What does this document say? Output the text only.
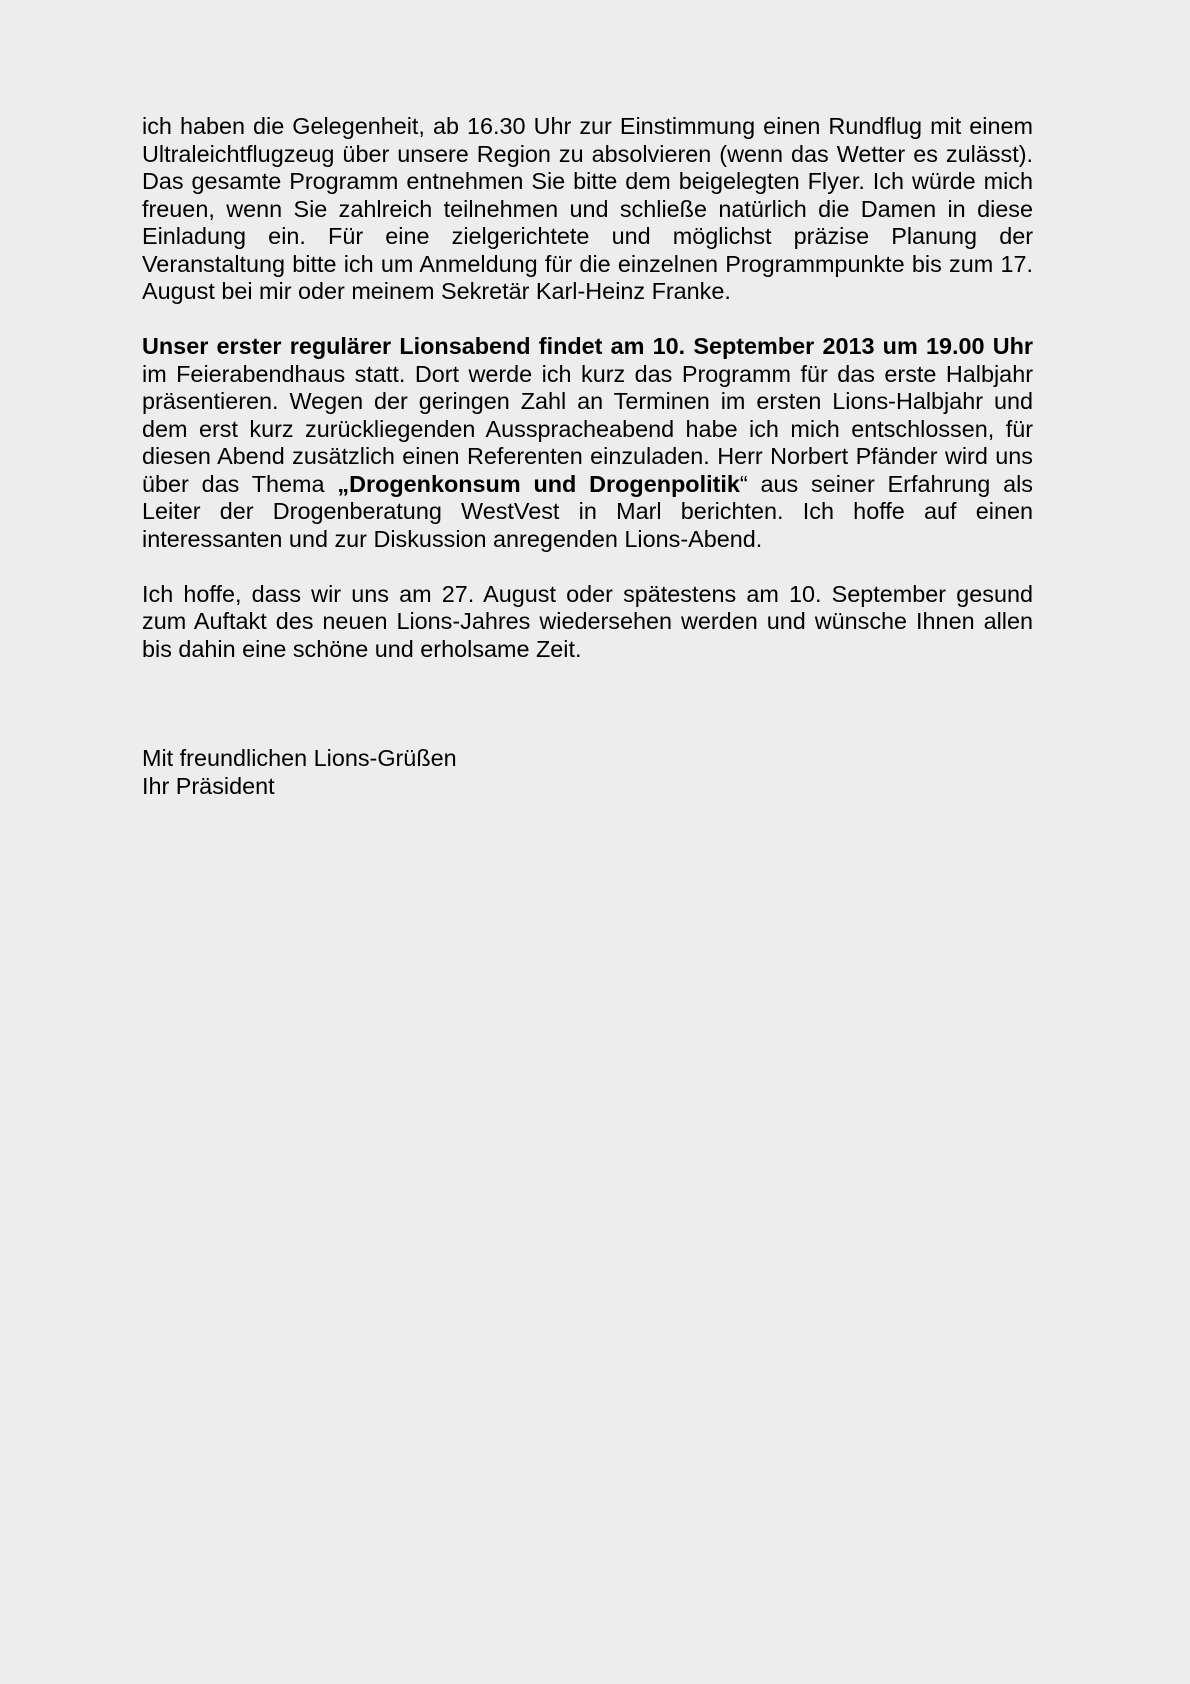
ich haben die Gelegenheit, ab 16.30 Uhr zur Einstimmung einen Rundflug mit einem Ultraleichtflugzeug über unsere Region zu absolvieren (wenn das Wetter es zulässt). Das gesamte Programm entnehmen Sie bitte dem beigelegten Flyer. Ich würde mich freuen, wenn Sie zahlreich teilnehmen und schließe natürlich die Damen in diese Einladung ein. Für eine zielgerichtete und möglichst präzise Planung der Veranstaltung bitte ich um Anmeldung für die einzelnen Programmpunkte bis zum 17. August bei mir oder meinem Sekretär Karl-Heinz Franke.

Unser erster regulärer Lionsabend findet am 10. September 2013 um 19.00 Uhr im Feierabendhaus statt. Dort werde ich kurz das Programm für das erste Halbjahr präsentieren. Wegen der geringen Zahl an Terminen im ersten Lions-Halbjahr und dem erst kurz zurückliegenden Ausspracheabend habe ich mich entschlossen, für diesen Abend zusätzlich einen Referenten einzuladen. Herr Norbert Pfänder wird uns über das Thema „Drogenkonsum und Drogenpolitik“ aus seiner Erfahrung als Leiter der Drogenberatung WestVest in Marl berichten. Ich hoffe auf einen interessanten und zur Diskussion anregenden Lions-Abend.

Ich hoffe, dass wir uns am 27. August oder spätestens am 10. September gesund zum Auftakt des neuen Lions-Jahres wiedersehen werden und wünsche Ihnen allen bis dahin eine schöne und erholsame Zeit.

Mit freundlichen Lions-Grüßen
Ihr Präsident
